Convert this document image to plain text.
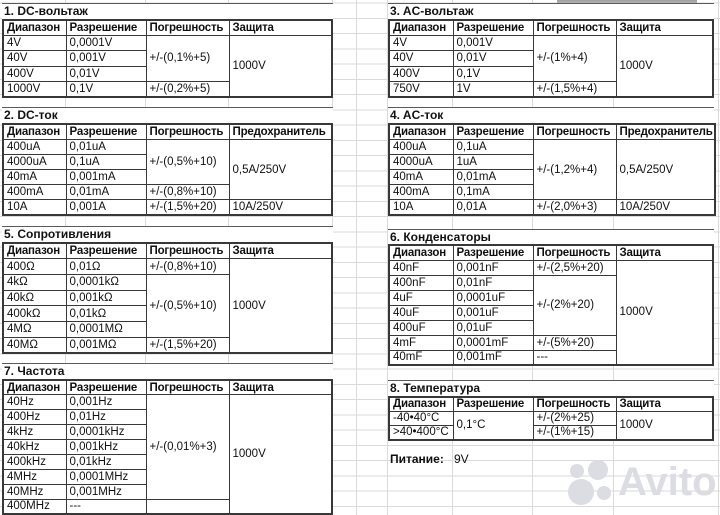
1. DC-вольтаж
Диапазон	Разрешение	Погрешность	Защита
4V	0,0001V	+/-(0,1%+5)	1000V
40V	0,001V		
400V	0,01V		
1000V	0,1V	+/-(0,2%+5)	
2. DC-ток
Диапазон	Разрешение	Погрешность	Предохранитель
400uA	0,01uA	+/-(0,5%+10)	0,5A/250V
4000uA	0,1uA		
40mA	0,001mA		
400mA	0,01mA	+/-(0,8%+10)	
10A	0,001A	+/-(1,5%+20)	10A/250V
3. AC-вольтаж
Диапазон	Разрешение	Погрешность	Защита
4V	0,001V	+/-(1%+4)	1000V
40V	0,01V		
400V	0,1V		
750V	1V	+/-(1,5%+4)	
4. AC-ток
Диапазон	Разрешение	Погрешность	Предохранитель
400uA	0,1uA	+/-(1,2%+4)	0,5A/250V
4000uA	1uA		
40mA	0,01mA		
400mA	0,1mA		
10A	0,01A	+/-(2,0%+3)	10A/250V
5. Сопротивления
Диапазон	Разрешение	Погрешность	Защита
400Ω	0,01Ω	+/-(0,8%+10)	1000V
4kΩ	0,0001kΩ	+/-(0,5%+10)	
40kΩ	0,001kΩ		
400kΩ	0,01kΩ		
4MΩ	0,0001MΩ		
40MΩ	0,001MΩ	+/-(1,5%+20)	
6. Конденсаторы
Диапазон	Разрешение	Погрешность	Защита
40nF	0,001nF	+/-(2,5%+20)	1000V
400nF	0,01nF	+/-(2%+20)	
4uF	0,0001uF		
40uF	0,001uF		
400uF	0,01uF		
4mF	0,0001mF	+/-(5%+20)	
40mF	0,001mF	---	
7. Частота
Диапазон	Разрешение	Погрешность	Защита
40Hz	0,001Hz	+/-(0,01%+3)	1000V
400Hz	0,01Hz		
4kHz	0,0001kHz		
40kHz	0,001kHz		
400kHz	0,01kHz		
4MHz	0,0001MHz		
40MHz	0,001MHz		
400MHz	---		
8. Температура
Диапазон	Разрешение	Погрешность	Защита
-40•40°C	0,1°C	+/-(2%+25)	1000V
>40•400°C		+/-(1%+15)	
Питание: 9V
Avito
